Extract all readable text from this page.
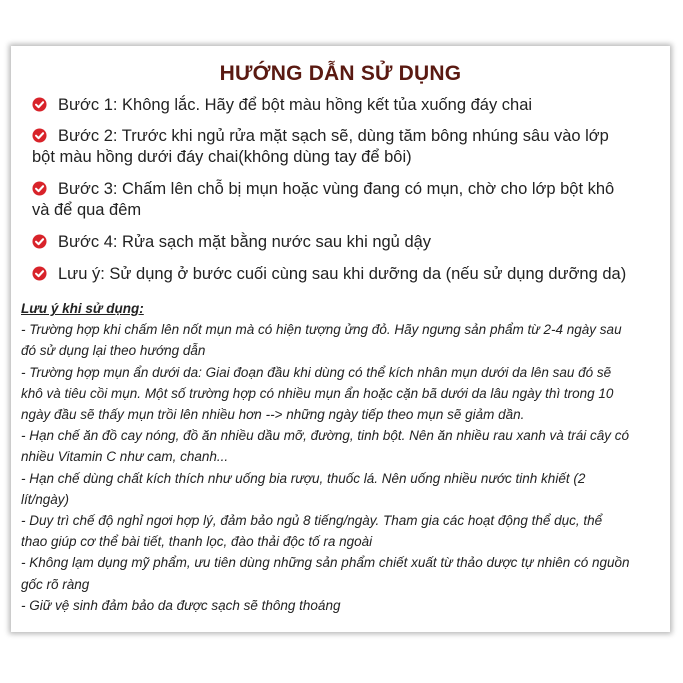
HƯỚNG DẪN SỬ DỤNG
Bước 1: Không lắc. Hãy để bột màu hồng kết tủa xuống đáy chai
Bước 2: Trước khi ngủ rửa mặt sạch sẽ, dùng tăm bông nhúng sâu vào lớp
bột màu hồng dưới đáy chai(không dùng tay để bôi)
Bước 3: Chấm lên chỗ bị mụn hoặc vùng đang có mụn, chờ cho lớp bột khô
và để qua đêm
Bước 4: Rửa sạch mặt bằng nước sau khi ngủ dậy
Lưu ý: Sử dụng ở bước cuối cùng sau khi dưỡng da (nếu sử dụng dưỡng da)
Lưu ý khi sử dụng:
- Trường hợp khi chấm lên nốt mụn mà có hiện tượng ửng đỏ. Hãy ngưng sản phẩm từ 2-4 ngày sau
đó sử dụng lại theo hướng dẫn
- Trường hợp mụn ẩn dưới da: Giai đoạn đầu khi dùng có thể kích nhân mụn dưới da lên sau đó sẽ
khô và tiêu cồi mụn. Một số trường hợp có nhiều mụn ẩn hoặc cặn bã dưới da lâu ngày thì trong 10
ngày đầu sẽ thấy mụn trồi lên nhiều hơn --> những ngày tiếp theo mụn sẽ giảm dần.
- Hạn chế ăn đồ cay nóng, đồ ăn nhiều dầu mỡ, đường, tinh bột. Nên ăn nhiều rau xanh và trái cây có
nhiều Vitamin C như cam, chanh...
- Hạn chế dùng chất kích thích như uống bia rượu, thuốc lá. Nên uống nhiều nước tinh khiết (2
lít/ngày)
- Duy trì chế độ nghỉ ngơi hợp lý, đảm bảo ngủ 8 tiếng/ngày. Tham gia các hoạt động thể dục, thể
thao giúp cơ thể bài tiết, thanh lọc, đào thải độc tố ra ngoài
- Không lạm dụng mỹ phẩm, ưu tiên dùng những sản phẩm chiết xuất từ thảo dược tự nhiên có nguồn
gốc rõ ràng
- Giữ vệ sinh đảm bảo da được sạch sẽ thông thoáng
